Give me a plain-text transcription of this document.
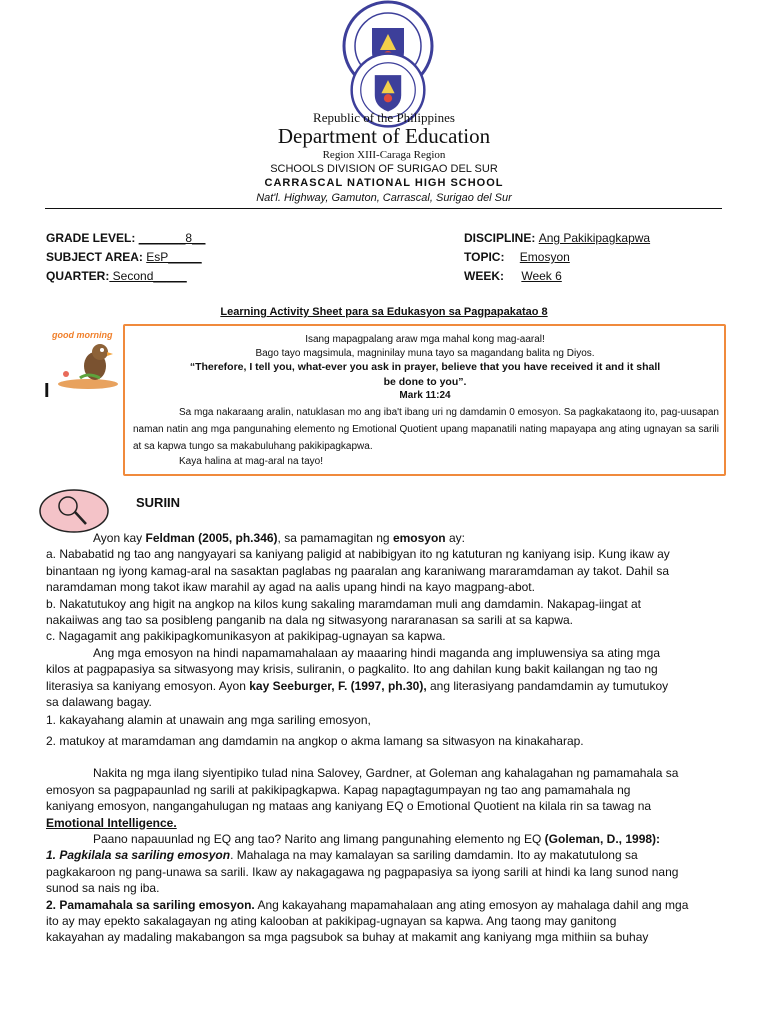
Republic of the Philippines
Department of Education
Region XIII-Caraga Region
SCHOOLS DIVISION OF SURIGAO DEL SUR
CARRASCAL NATIONAL HIGH SCHOOL
Nat'l. Highway, Gamuton, Carrascal, Surigao del Sur
GRADE LEVEL: _______8__
SUBJECT AREA: EsP_____
QUARTER: Second_____
DISCIPLINE: Ang Pakikipagkapwa
TOPIC: Emosyon
WEEK: Week 6
Learning Activity Sheet para sa Edukasyon sa Pagpapakatao 8
good morning
I
Isang mapagpalang araw mga mahal kong mag-aaral!
Bago tayo magsimula, magninilay muna tayo sa magandang balita ng Diyos.
“Therefore, I tell you, what-ever you ask in prayer, believe that you have received it and it shall
be done to you”.
Mark 11:24
Sa mga nakaraang aralin, natuklasan mo ang iba't ibang uri ng damdamin 0 emosyon. Sa pagkakataong ito, pag-uusapan naman natin ang mga pangunahing elemento ng Emotional Quotient upang mapanatili nating mapayapa ang ating ugnayan sa sarili at sa kapwa tungo sa makabuluhang pakikipagkapwa.
Kaya halina at mag-aral na tayo!
SURIIN
Ayon kay Feldman (2005, ph.346), sa pamamagitan ng emosyon ay:
a. Nababatid ng tao ang nangyayari sa kaniyang paligid at nabibigyan ito ng katuturan ng kaniyang isip. Kung ikaw ay
binantaan ng iyong kamag-aral na sasaktan paglabas ng paaralan ang karaniwang mararamdaman ay takot. Dahil sa
naramdaman mong takot ikaw marahil ay agad na aalis upang hindi na kayo magpang-abot.
b. Nakatutukoy ang higit na angkop na kilos kung sakaling maramdaman muli ang damdamin. Nakapag-iingat at
nakaiiwas ang tao sa posibleng panganib na dala ng sitwasyong nararanasan sa sarili at sa kapwa.
c. Nagagamit ang pakikipagkomunikasyon at pakikipag-ugnayan sa kapwa.
Ang mga emosyon na hindi napamamahalaan ay maaaring hindi maganda ang impluwensiya sa ating mga
kilos at pagpapasiya sa sitwasyong may krisis, suliranin, o pagkalito. Ito ang dahilan kung bakit kailangan ng tao ng
literasiya sa kaniyang emosyon. Ayon kay Seeburger, F. (1997, ph.30), ang literasiyang pandamdamin ay tumutukoy
sa dalawang bagay.
1. kakayahang alamin at unawain ang mga sariling emosyon,
2. matukoy at maramdaman ang damdamin na angkop o akma lamang sa sitwasyon na kinakaharap.
Nakita ng mga ilang siyentipiko tulad nina Salovey, Gardner, at Goleman ang kahalagahan ng pamamahala sa
emosyon sa pagpapaunlad ng sarili at pakikipagkapwa. Kapag napagtagumpayan ng tao ang pamamahala ng
kaniyang emosyon, nangangahulugan ng mataas ang kaniyang EQ o Emotional Quotient na kilala rin sa tawag na
Emotional Intelligence.
Paano napauunlad ng EQ ang tao? Narito ang limang pangunahing elemento ng EQ (Goleman, D., 1998):
1. Pagkilala sa sariling emosyon. Mahalaga na may kamalayan sa sariling damdamin. Ito ay makatutulong sa
pagkakaroon ng pang-unawa sa sarili. Ikaw ay nakagagawa ng pagpapasiya sa iyong sarili at hindi ka lang sunod nang
sunod sa nais ng iba.
2. Pamamahala sa sariling emosyon. Ang kakayahang mapamahalaan ang ating emosyon ay mahalaga dahil ang mga
ito ay may epekto sakalagayan ng ating kalooban at pakikipag-ugnayan sa kapwa. Ang taong may ganitong
kakayahan ay madaling makabangon sa mga pagsubok sa buhay at makamit ang kaniyang mga mithiin sa buhay
